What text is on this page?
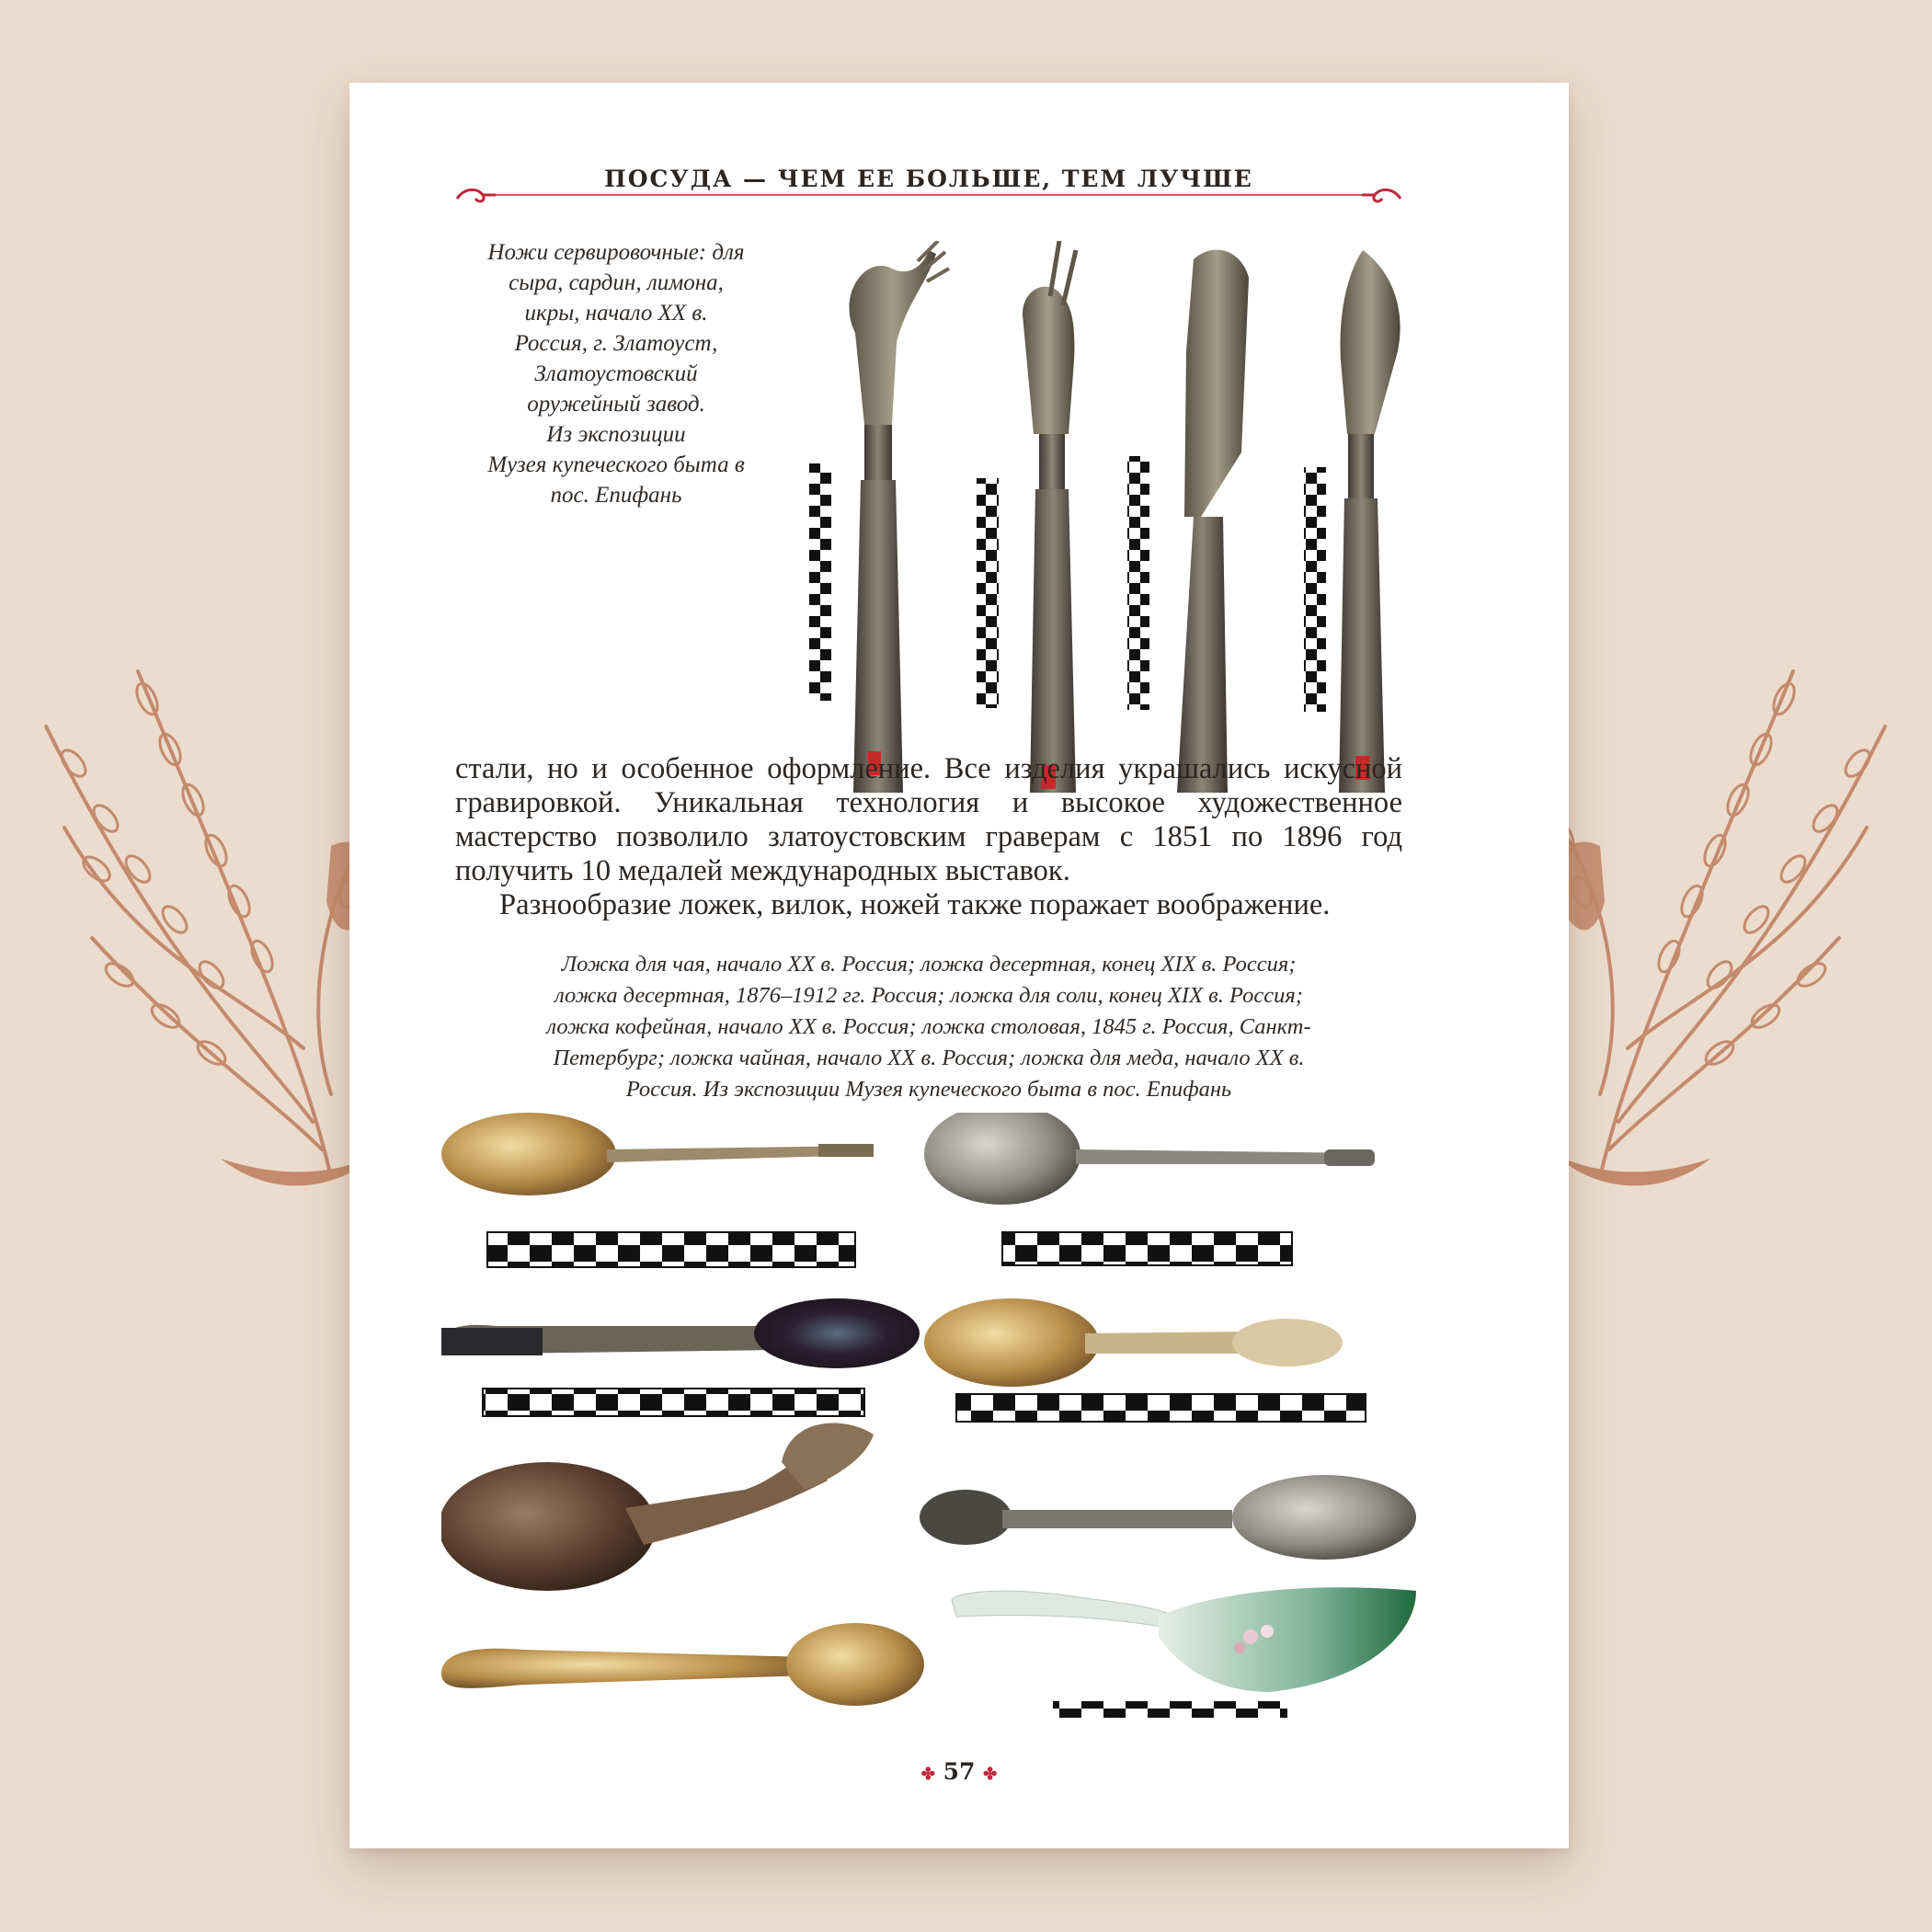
ПОСУДА — ЧЕМ ЕЕ БОЛЬШЕ, ТЕМ ЛУЧШЕ
Ножи сервировочные: для
сыра, сардин, лимона,
икры, начало XX в.
Россия, г. Златоуст,
Златоустовский
оружейный завод.
Из экспозиции
Музея купеческого быта в
пос. Епифань

стали, но и особенное оформление. Все изделия украшались искусной гравировкой. Уникальная технология и высокое художественное мастерство позволило златоустовским граверам с 1851 по 1896 год получить 10 медалей международных выставок.

Разнообразие ложек, вилок, ножей также поражает воображение.

Ложка для чая, начало XX в. Россия; ложка десертная, конец XIX в. Россия;
ложка десертная, 1876–1912 гг. Россия; ложка для соли, конец XIX в. Россия;
ложка кофейная, начало XX в. Россия; ложка столовая, 1845 г. Россия, Санкт-
Петербург; ложка чайная, начало XX в. Россия; ложка для меда, начало XX в.
Россия. Из экспозиции Музея купеческого быта в пос. Епифань
✤ 57 ✤
